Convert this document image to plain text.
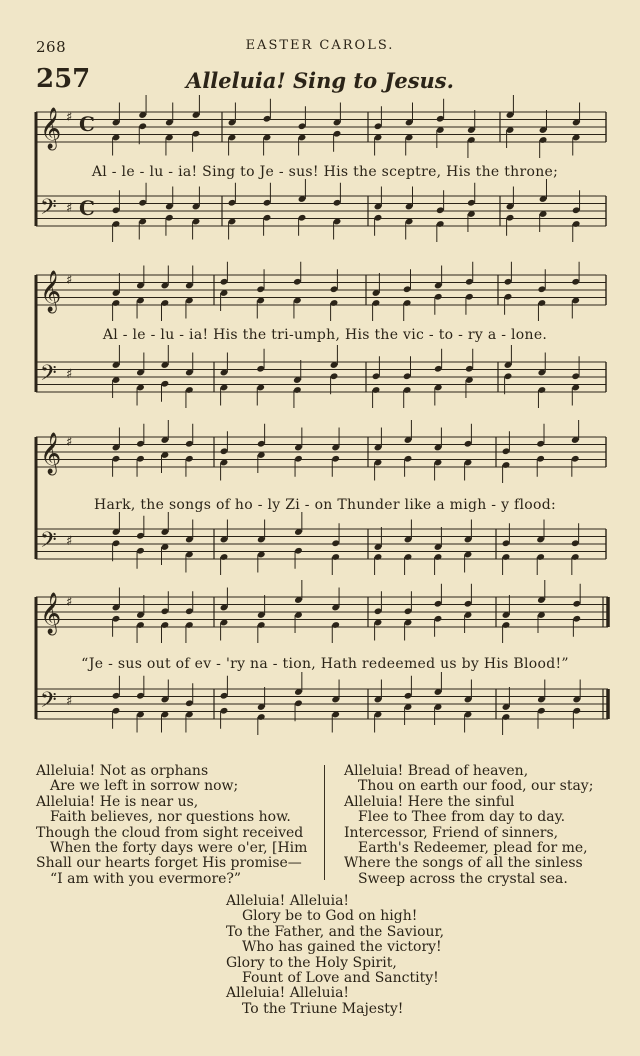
268	EASTER CAROLS.
257	Alleluia! Sing to Jesus.
𝄞 ♯ C
𝄢 ♯ C
𝄞 ♯
𝄢 ♯
𝄞 ♯
𝄢 ♯
𝄞 ♯
𝄢 ♯
Al - le - lu - ia! Sing to Je - sus! His the sceptre, His the throne;
Al - le - lu - ia! His the tri-umph, His the vic - to - ry a - lone.
Hark, the songs of ho - ly Zi - on Thunder like a migh - y flood:
“Je - sus out of ev - 'ry na - tion, Hath redeemed us by His Blood!”
Alleluia! Not as orphans
Are we left in sorrow now;
Alleluia! He is near us,
Faith believes, nor questions how.
Though the cloud from sight received
When the forty days were o'er, [Him
Shall our hearts forget His promise—
“I am with you evermore?”
Alleluia! Bread of heaven,
Thou on earth our food, our stay;
Alleluia! Here the sinful
Flee to Thee from day to day.
Intercessor, Friend of sinners,
Earth's Redeemer, plead for me,
Where the songs of all the sinless
Sweep across the crystal sea.
Alleluia! Alleluia!
Glory be to God on high!
To the Father, and the Saviour,
Who has gained the victory!
Glory to the Holy Spirit,
Fount of Love and Sanctity!
Alleluia! Alleluia!
To the Triune Majesty!
